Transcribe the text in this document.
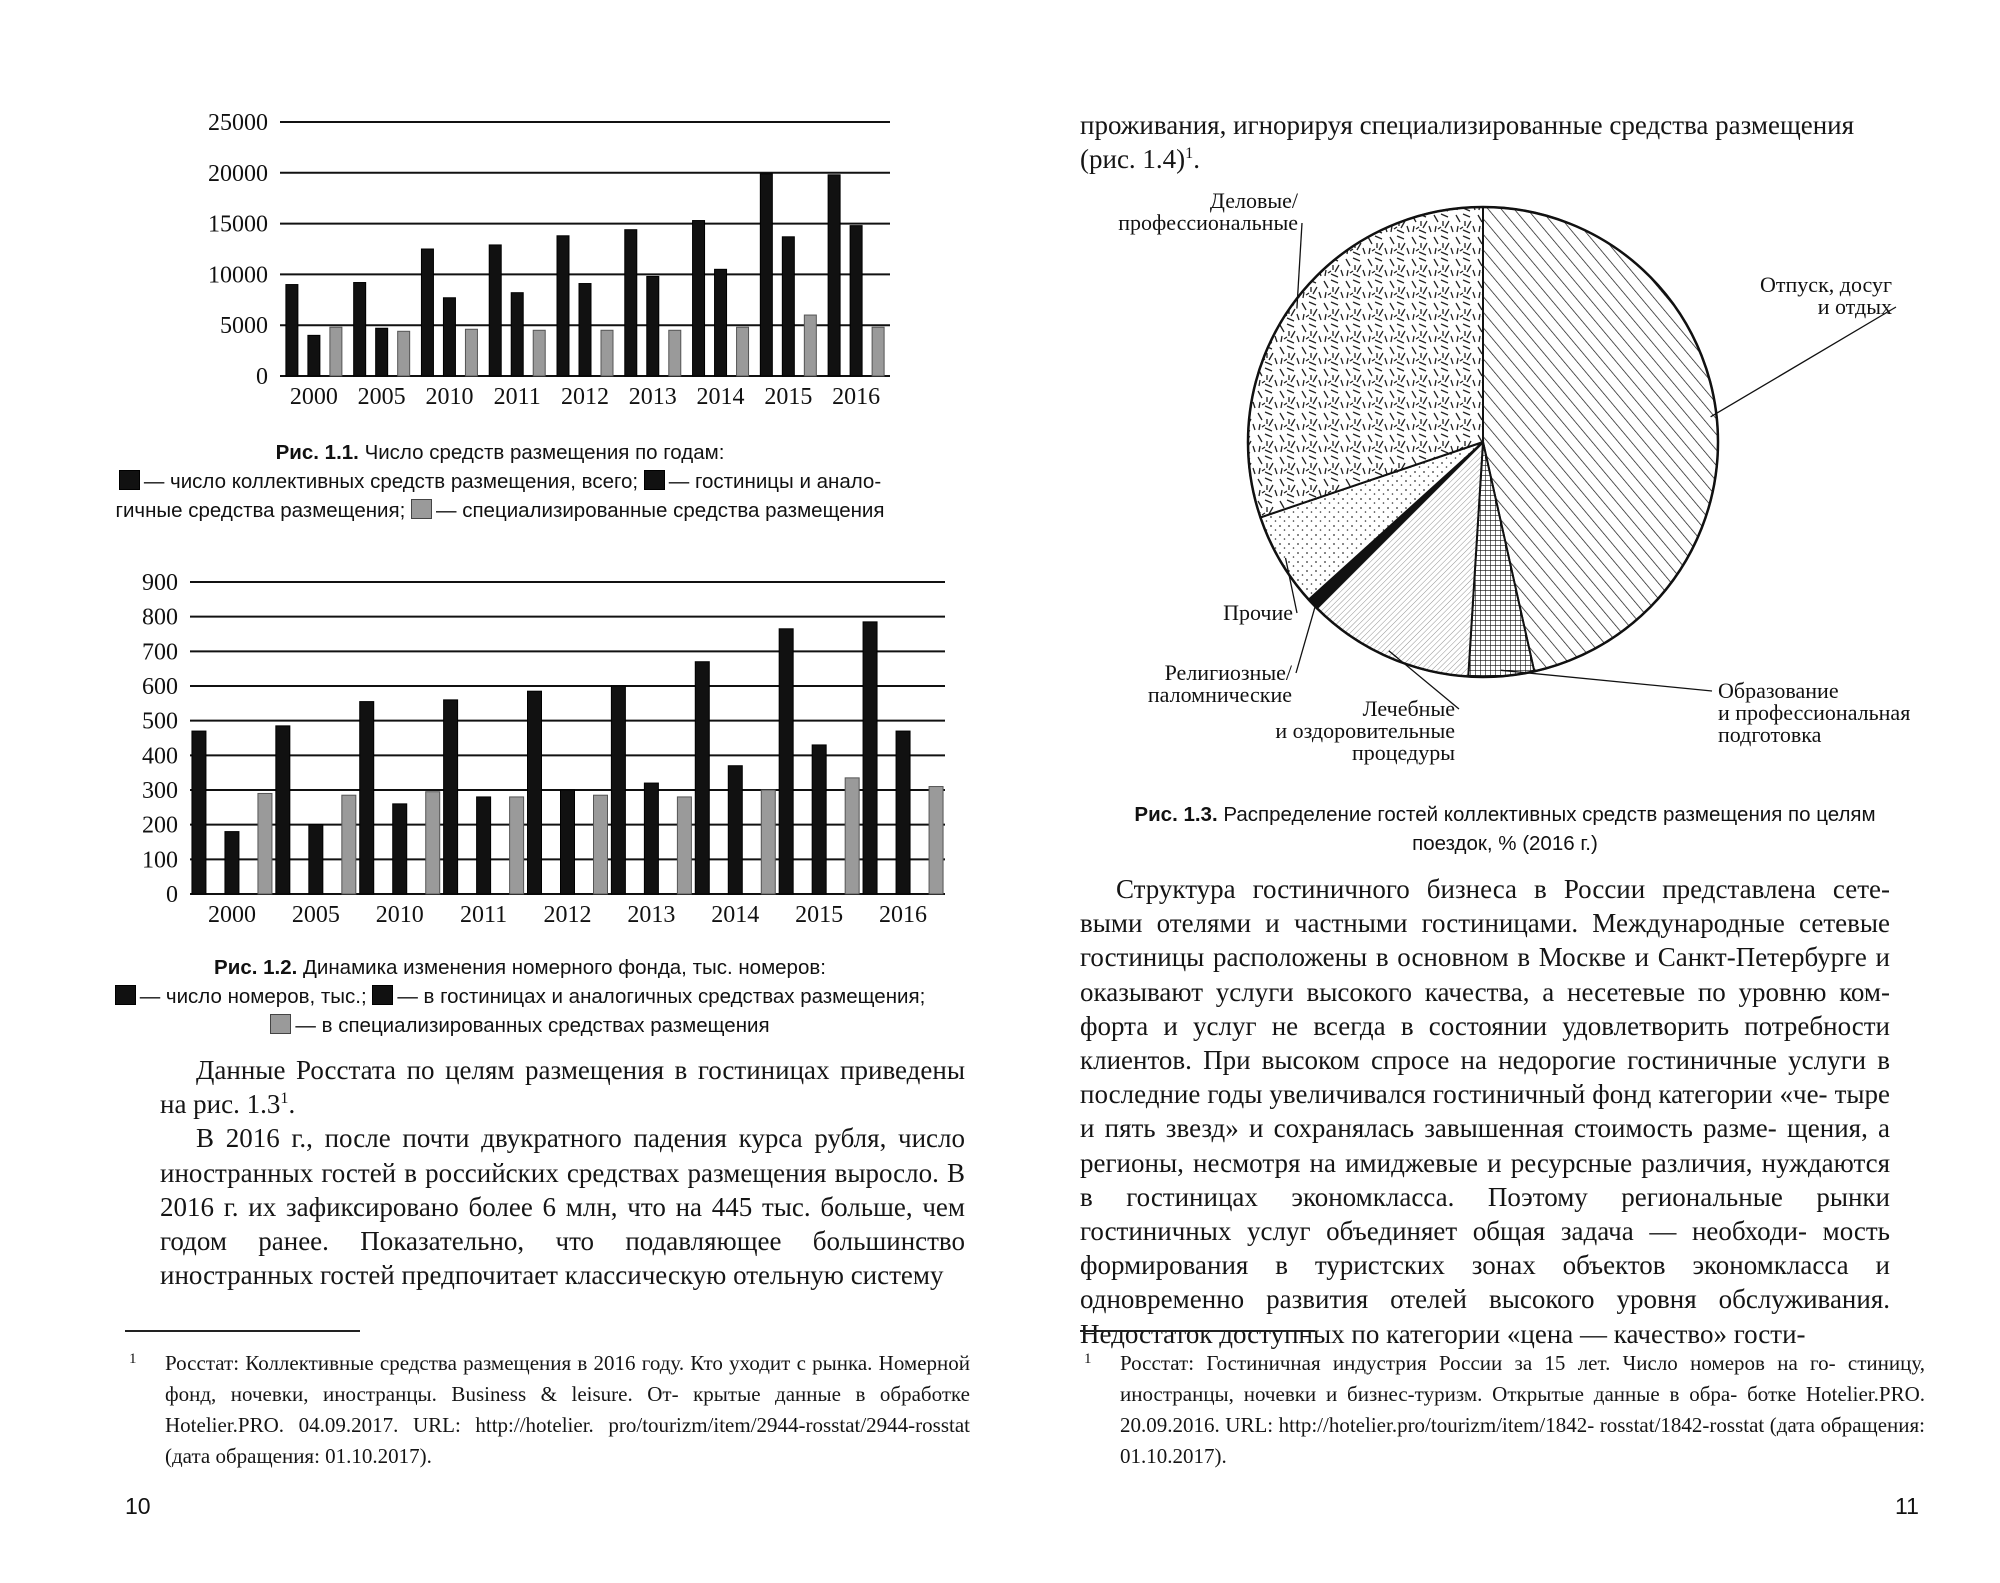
0
5000
10000
15000
20000
25000
2000 2005 2010 2011 2012 2013 2014 2015 2016
Рис. 1.1. Число средств размещения по годам:
— число коллективных средств размещения, всего; — гостиницы и анало-
гичные средства размещения; — специализированные средства размещения
0
100
200
300
400
500
600
700
800
900
2000 2005 2010 2011 2012 2013 2014 2015 2016
Рис. 1.2. Динамика изменения номерного фонда, тыс. номеров:
— число номеров, тыс.; — в гостиницах и аналогичных средствах размещения;
— в специализированных средствах размещения

Данные Росстата по целям размещения в гостиницах приведены на рис. $1.3^1$.

В 2016 г., после почти двукратного падения курса рубля, число иностранных гостей в российских средствах размещения выросло. В 2016 г. их зафиксировано более 6 млн, что на 445 тыс. больше, чем годом ранее. Показательно, что подавляющее большинство иностранных гостей предпочитает классическую отельную систему

1 Росстат: Коллективные средства размещения в 2016 году. Кто уходит с рынка. Номерной фонд, ночевки, иностранцы. Business & leisure. От- крытые данные в обработке Hotelier.PRO. 04.09.2017. URL: http://hotelier. pro/tourizm/item/2944-rosstat/2944-rosstat (дата обращения: 01.10.2017).
10
проживания, игнорируя специализированные средства размещения
(рис. 1.4)$^1$.
Отпуск, досуг и отдых
Образование и профессиональная подготовка
Лечебные и оздоровительные процедуры
Религиозные/ паломнические
Прочие
Деловые/ профессиональные
Рис. 1.3. Распределение гостей коллективных средств размещения по целям
поездок, % (2016 г.)

Структура гостиничного бизнеса в России представлена сете- выми отелями и частными гостиницами. Международные сетевые гостиницы расположены в основном в Москве и Санкт-Петербурге и оказывают услуги высокого качества, а несетевые по уровню ком- форта и услуг не всегда в состоянии удовлетворить потребности клиентов. При высоком спросе на недорогие гостиничные услуги в последние годы увеличивался гостиничный фонд категории «че- тыре и пять звезд» и сохранялась завышенная стоимость разме- щения, а регионы, несмотря на имиджевые и ресурсные различия, нуждаются в гостиницах экономкласса. Поэтому региональные рынки гостиничных услуг объединяет общая задача — необходи- мость формирования в туристских зонах объектов экономкласса и одновременно развития отелей высокого уровня обслуживания. Недостаток доступных по категории «цена — качество» гости-

1 Росстат: Гостиничная индустрия России за 15 лет. Число номеров на го- стиницу, иностранцы, ночевки и бизнес-туризм. Открытые данные в обра- ботке Hotelier.PRO. 20.09.2016. URL: http://hotelier.pro/tourizm/item/1842- rosstat/1842-rosstat (дата обращения: 01.10.2017).
11
